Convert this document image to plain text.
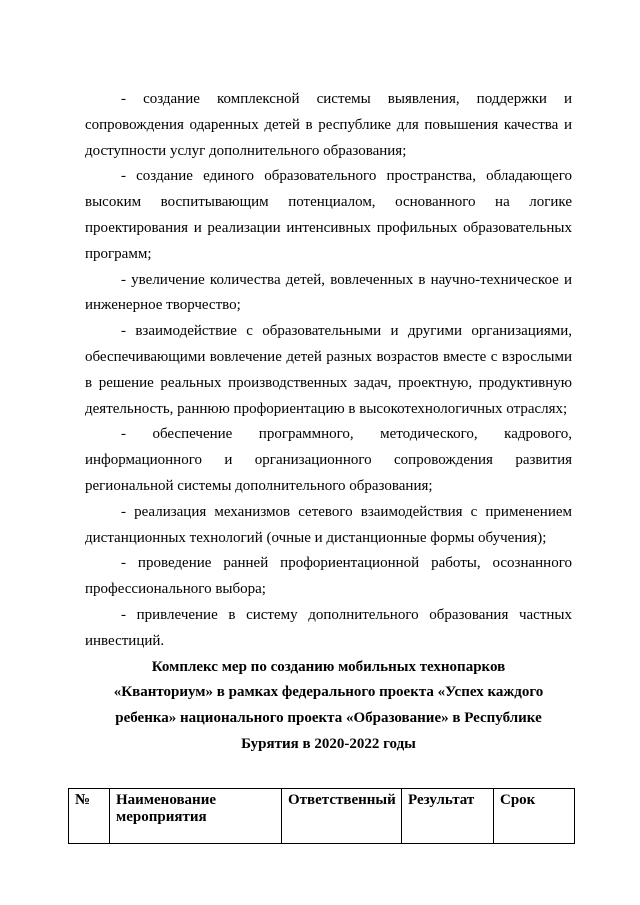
- создание комплексной системы выявления, поддержки и сопровождения одаренных детей в республике для повышения качества и доступности услуг дополнительного образования;

- создание единого образовательного пространства, обладающего высоким воспитывающим потенциалом, основанного на логике проектирования и реализации интенсивных профильных образовательных программ;

- увеличение количества детей, вовлеченных в научно-техническое и инженерное творчество;

- взаимодействие с образовательными и другими организациями, обеспечивающими вовлечение детей разных возрастов вместе с взрослыми в решение реальных производственных задач, проектную, продуктивную деятельность, раннюю профориентацию в высокотехнологичных отраслях;

- обеспечение программного, методического, кадрового, информационного и организационного сопровождения развития региональной системы дополнительного образования;

- реализация механизмов сетевого взаимодействия с применением дистанционных технологий (очные и дистанционные формы обучения);

- проведение ранней профориентационной работы, осознанного профессионального выбора;

- привлечение в систему дополнительного образования частных инвестиций.

Комплекс мер по созданию мобильных технопарков «Кванториум» в рамках федерального проекта «Успех каждого ребенка» национального проекта «Образование» в Республике Бурятия в 2020-2022 годы

№	Наименование мероприятия	Ответственный	Результат	Срок
